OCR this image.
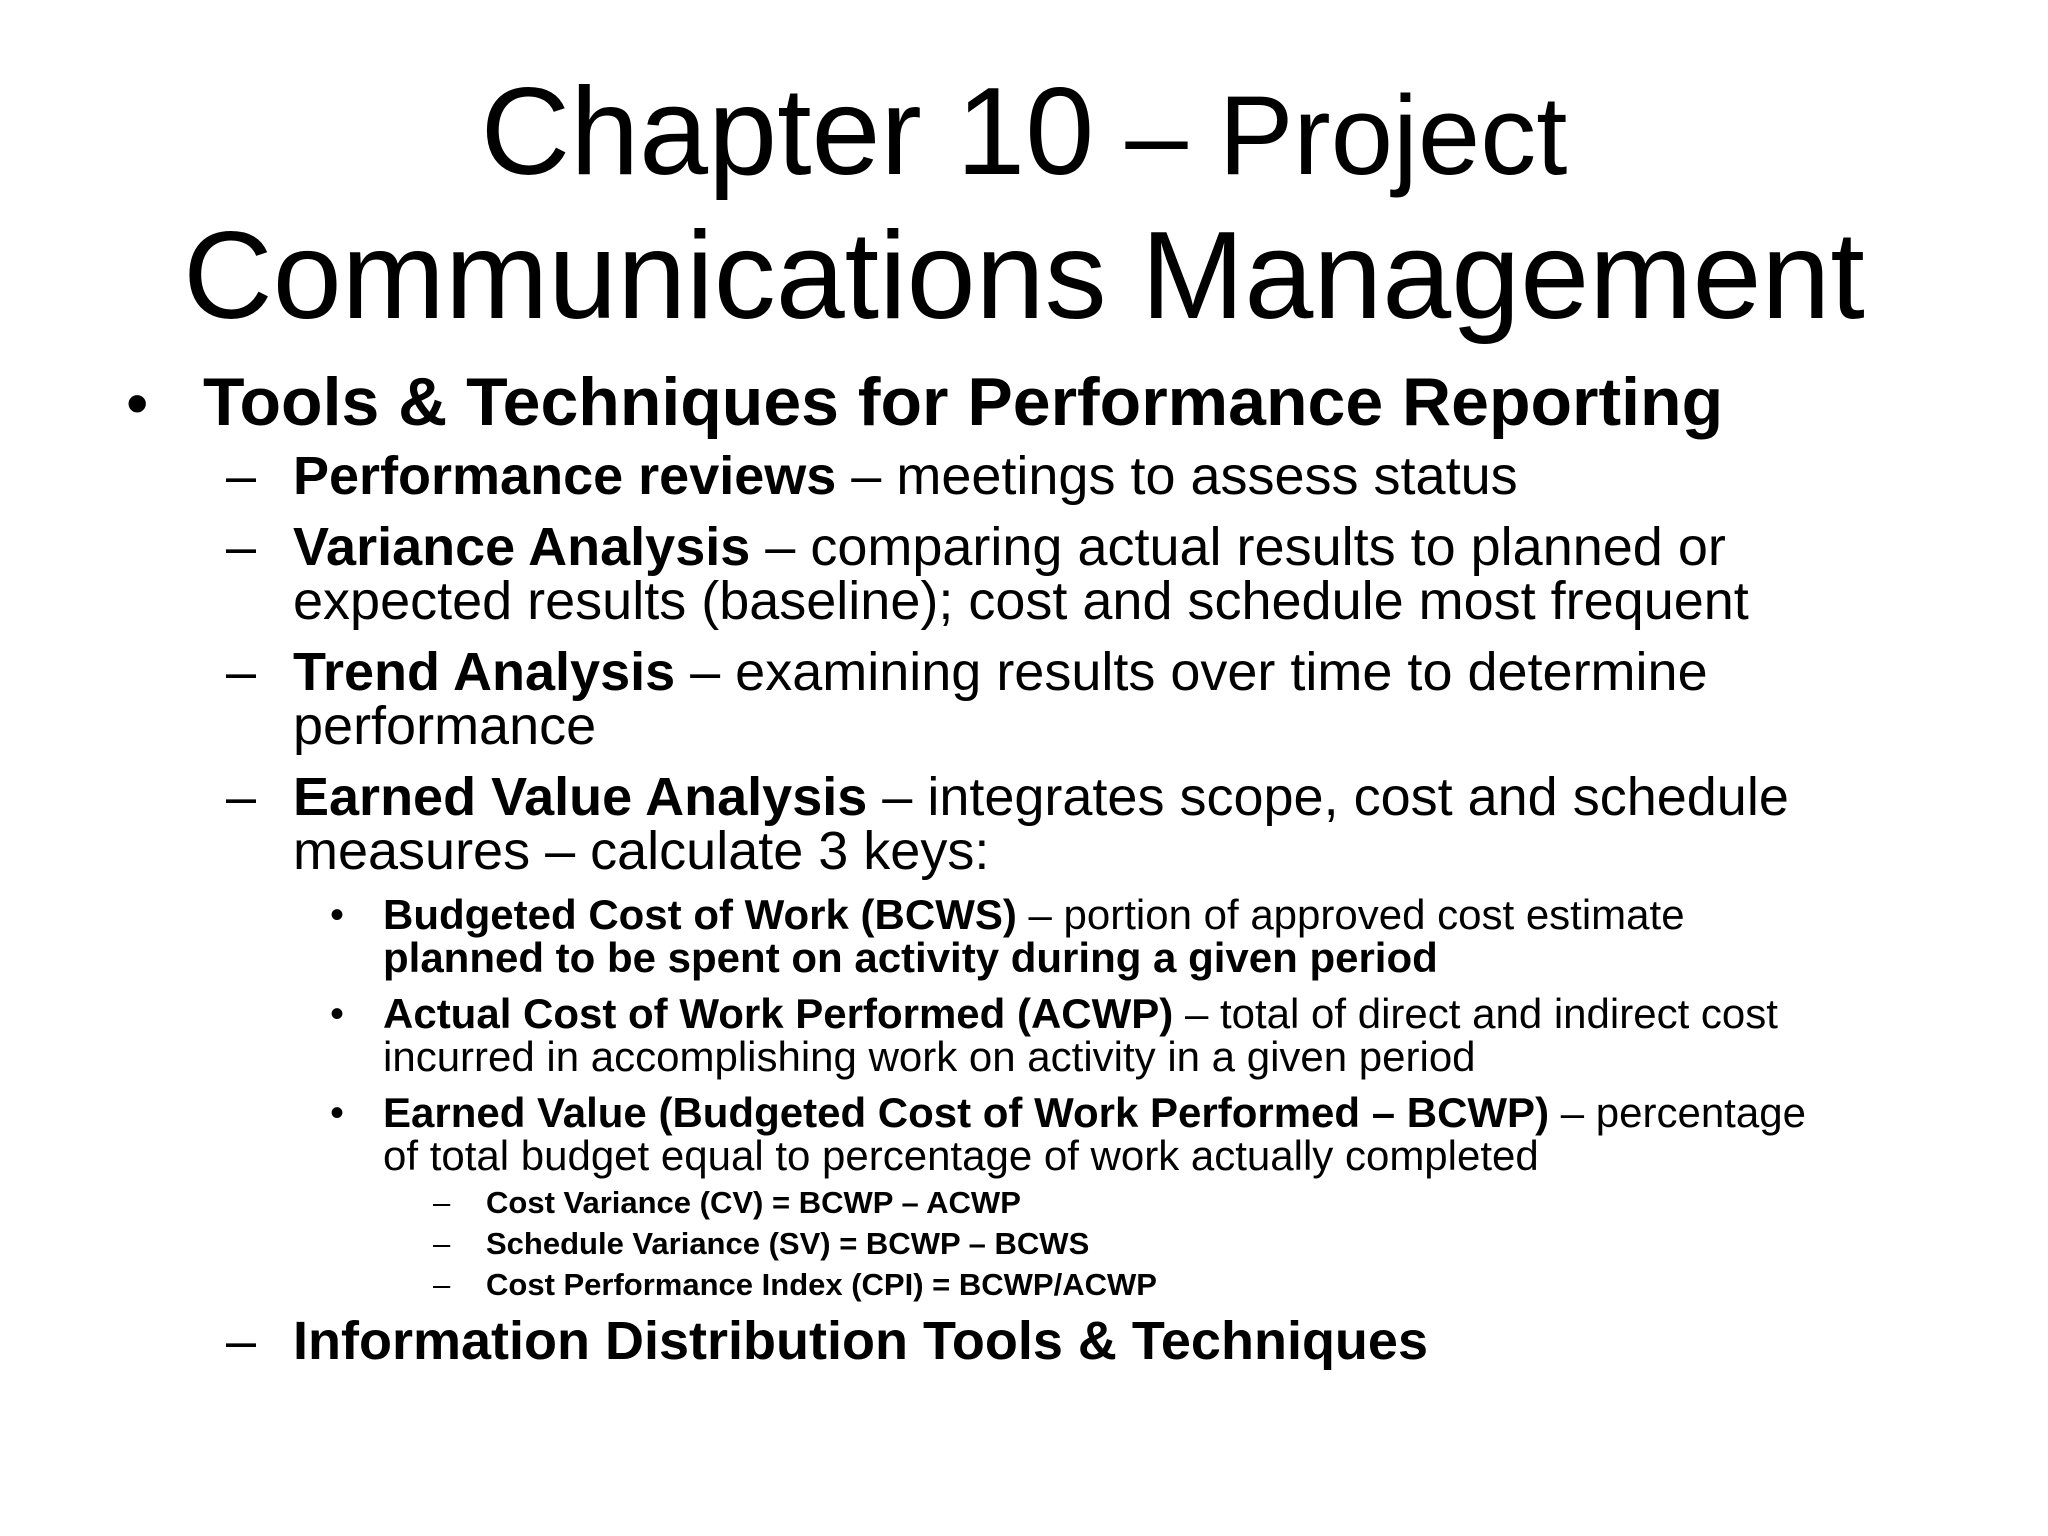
Chapter 10 – Project
Communications Management
• Tools & Techniques for Performance Reporting
– Performance reviews – meetings to assess status
– Variance Analysis – comparing actual results to planned or
expected results (baseline); cost and schedule most frequent
– Trend Analysis – examining results over time to determine
performance
– Earned Value Analysis – integrates scope, cost and schedule
measures – calculate 3 keys:
• Budgeted Cost of Work (BCWS) – portion of approved cost estimate
planned to be spent on activity during a given period
• Actual Cost of Work Performed (ACWP) – total of direct and indirect cost
incurred in accomplishing work on activity in a given period
• Earned Value (Budgeted Cost of Work Performed – BCWP) – percentage
of total budget equal to percentage of work actually completed
– Cost Variance (CV) = BCWP – ACWP
– Schedule Variance (SV) = BCWP – BCWS
– Cost Performance Index (CPI) = BCWP/ACWP
– Information Distribution Tools & Techniques
